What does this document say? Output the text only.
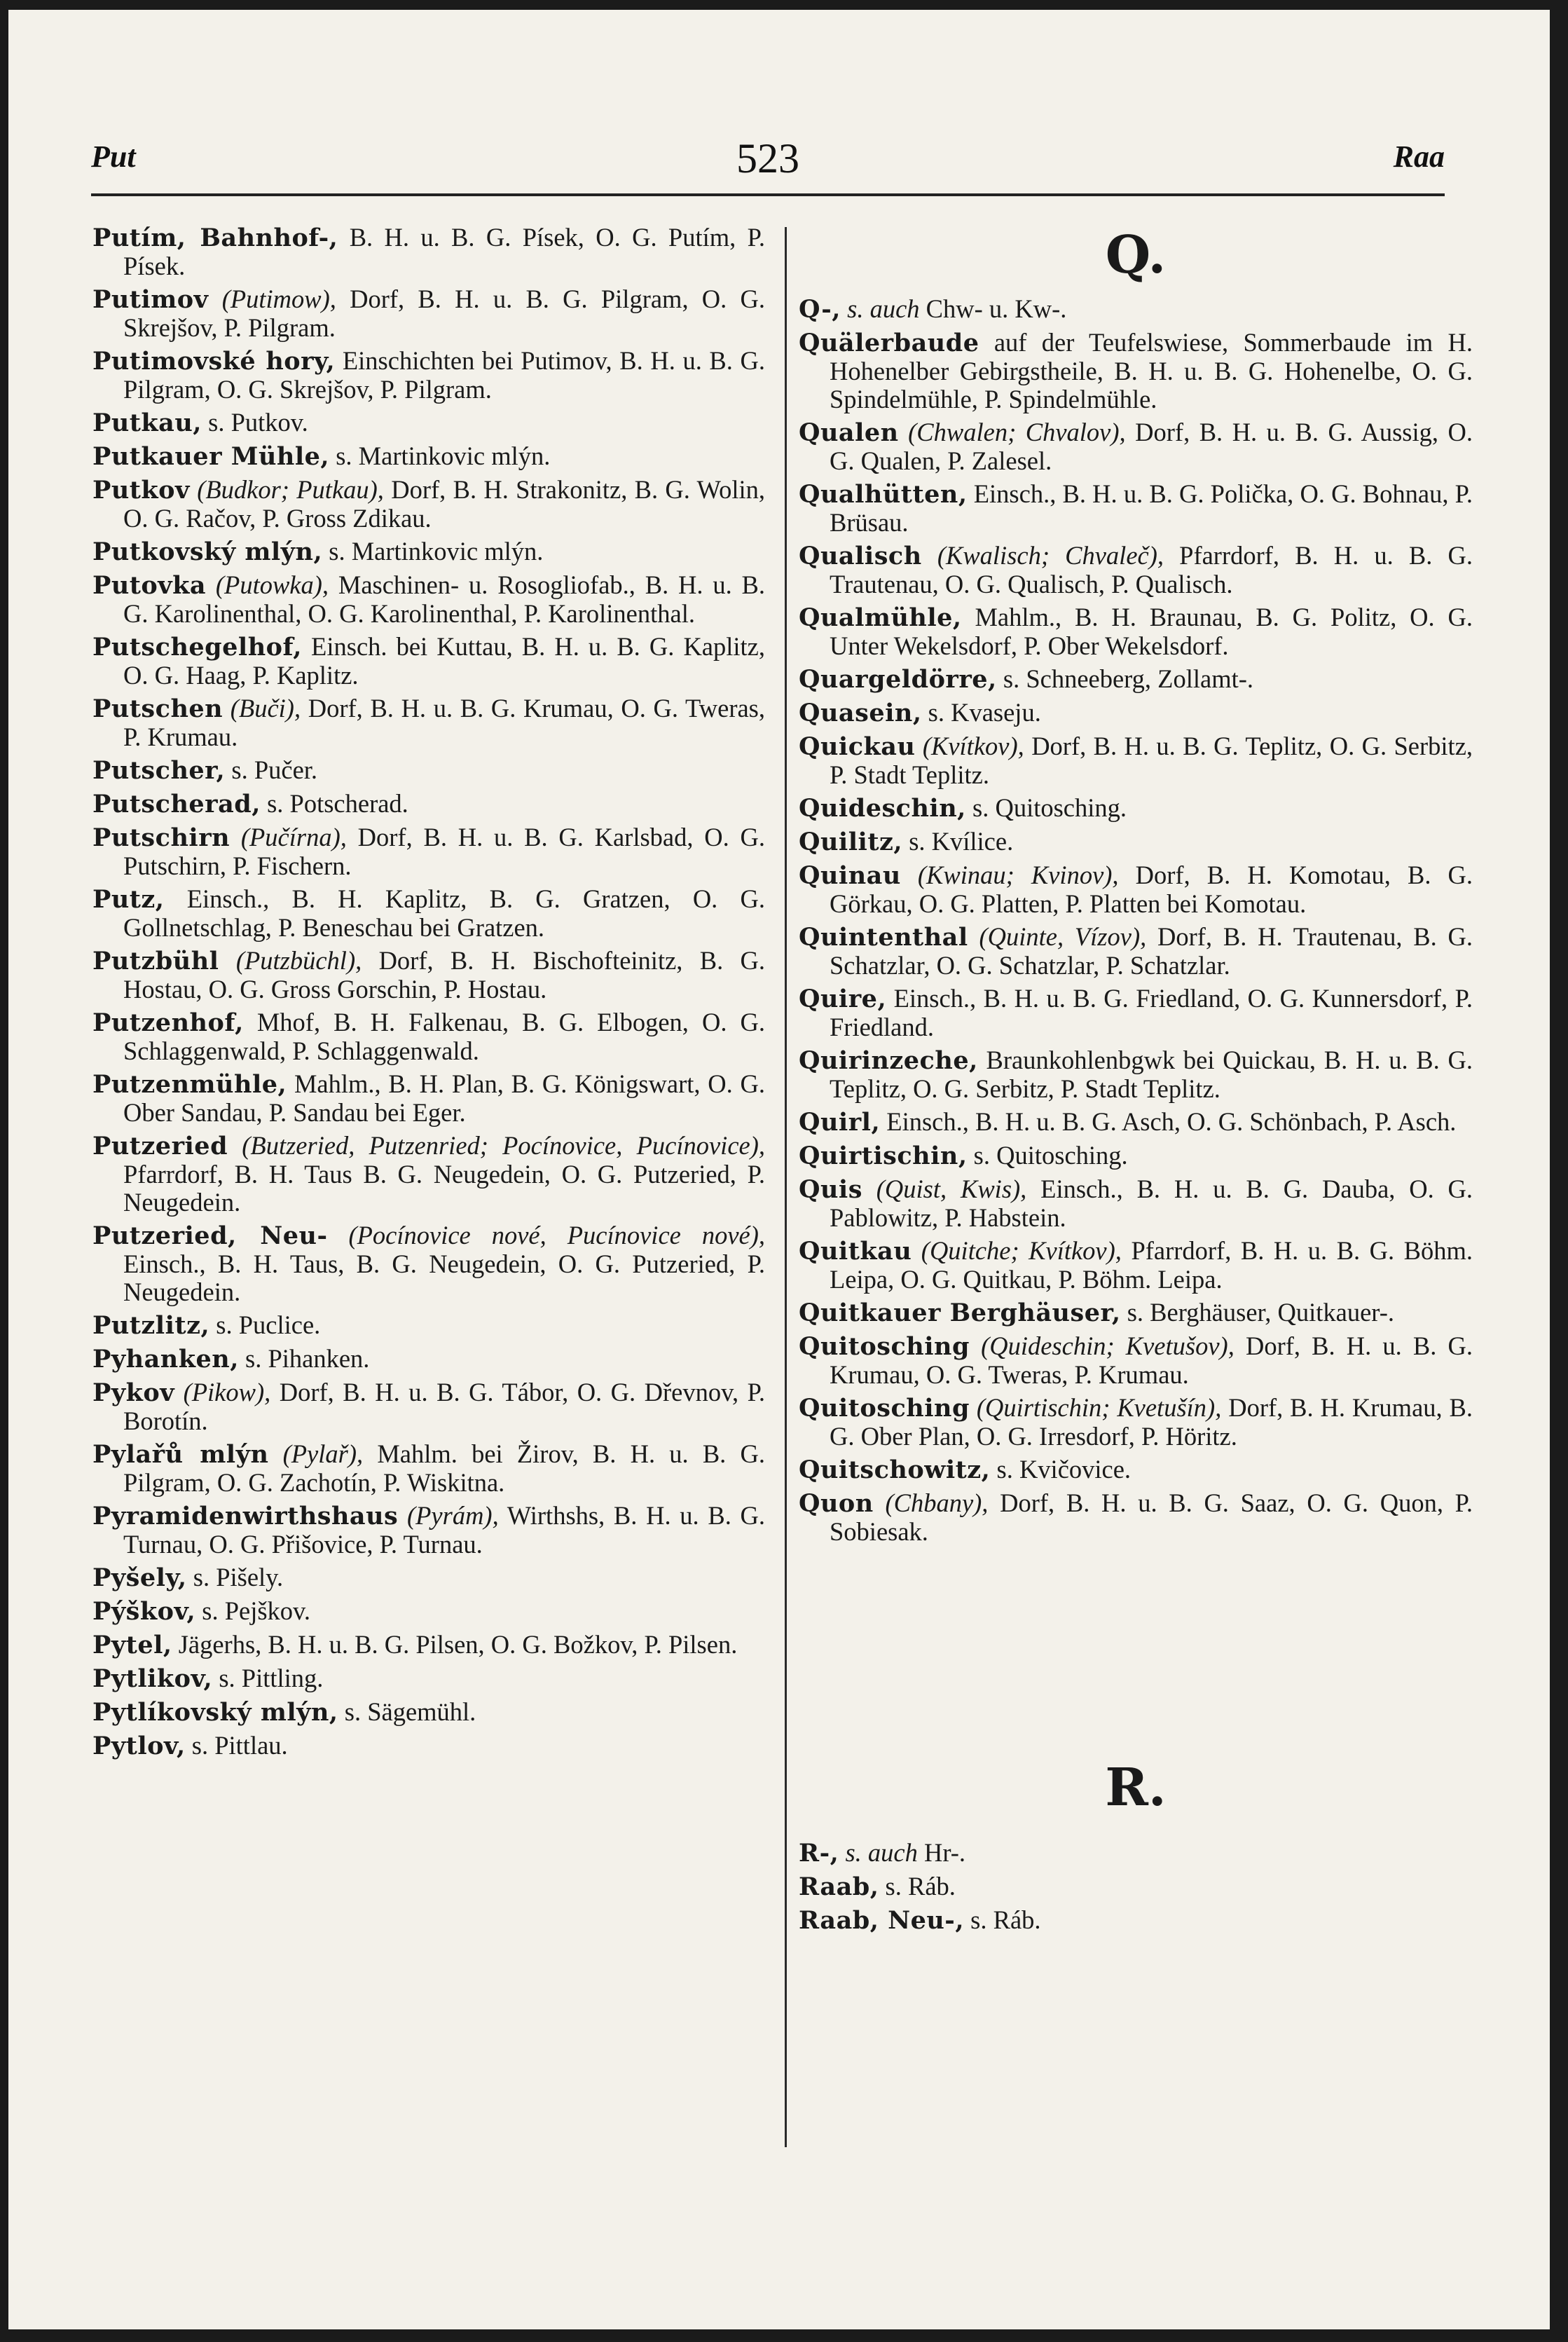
Put	523	Raa
Putím, Bahnhof-, B. H. u. B. G. Písek, O. G. Putím, P. Písek.
Putimov (Putimow), Dorf, B. H. u. B. G. Pilgram, O. G. Skrejšov, P. Pilgram.
Putimovské hory, Einschichten bei Putimov, B. H. u. B. G. Pilgram, O. G. Skrejšov, P. Pilgram.
Putkau, s. Putkov.
Putkauer Mühle, s. Martinkovic mlýn.
Putkov (Budkor; Putkau), Dorf, B. H. Strakonitz, B. G. Wolin, O. G. Račov, P. Gross Zdikau.
Putkovský mlýn, s. Martinkovic mlýn.
Putovka (Putowka), Maschinen- u. Rosogliofab., B. H. u. B. G. Karolinenthal, O. G. Karolinenthal, P. Karolinenthal.
Putschegelhof, Einsch. bei Kuttau, B. H. u. B. G. Kaplitz, O. G. Haag, P. Kaplitz.
Putschen (Buči), Dorf, B. H. u. B. G. Krumau, O. G. Tweras, P. Krumau.
Putscher, s. Pučer.
Putscherad, s. Potscherad.
Putschirn (Pučírna), Dorf, B. H. u. B. G. Karlsbad, O. G. Putschirn, P. Fischern.
Putz, Einsch., B. H. Kaplitz, B. G. Gratzen, O. G. Gollnetschlag, P. Beneschau bei Gratzen.
Putzbühl (Putzbüchl), Dorf, B. H. Bischofteinitz, B. G. Hostau, O. G. Gross Gorschin, P. Hostau.
Putzenhof, Mhof, B. H. Falkenau, B. G. Elbogen, O. G. Schlaggenwald, P. Schlaggenwald.
Putzenmühle, Mahlm., B. H. Plan, B. G. Königswart, O. G. Ober Sandau, P. Sandau bei Eger.
Putzeried (Butzeried, Putzenried; Pocínovice, Pucínovice), Pfarrdorf, B. H. Taus B. G. Neugedein, O. G. Putzeried, P. Neugedein.
Putzeried, Neu- (Pocínovice nové, Pucínovice nové), Einsch., B. H. Taus, B. G. Neugedein, O. G. Putzeried, P. Neugedein.
Putzlitz, s. Puclice.
Pyhanken, s. Pihanken.
Pykov (Pikow), Dorf, B. H. u. B. G. Tábor, O. G. Dřevnov, P. Borotín.
Pylařů mlýn (Pylař), Mahlm. bei Žirov, B. H. u. B. G. Pilgram, O. G. Zachotín, P. Wiskitna.
Pyramidenwirthshaus (Pyrám), Wirthshs, B. H. u. B. G. Turnau, O. G. Přišovice, P. Turnau.
Pyšely, s. Pišely.
Pýškov, s. Pejškov.
Pytel, Jägerhs, B. H. u. B. G. Pilsen, O. G. Božkov, P. Pilsen.
Pytlikov, s. Pittling.
Pytlíkovský mlýn, s. Sägemühl.
Pytlov, s. Pittlau.
Q.
Q-, s. auch Chw- u. Kw-.
Quälerbaude auf der Teufelswiese, Sommerbaude im H. Hohenelber Gebirgstheile, B. H. u. B. G. Hohenelbe, O. G. Spindelmühle, P. Spindelmühle.
Qualen (Chwalen; Chvalov), Dorf, B. H. u. B. G. Aussig, O. G. Qualen, P. Zalesel.
Qualhütten, Einsch., B. H. u. B. G. Polička, O. G. Bohnau, P. Brüsau.
Qualisch (Kwalisch; Chvaleč), Pfarrdorf, B. H. u. B. G. Trautenau, O. G. Qualisch, P. Qualisch.
Qualmühle, Mahlm., B. H. Braunau, B. G. Politz, O. G. Unter Wekelsdorf, P. Ober Wekelsdorf.
Quargeldörre, s. Schneeberg, Zollamt-.
Quasein, s. Kvaseju.
Quickau (Kvítkov), Dorf, B. H. u. B. G. Teplitz, O. G. Serbitz, P. Stadt Teplitz.
Quideschin, s. Quitosching.
Quilitz, s. Kvílice.
Quinau (Kwinau; Kvinov), Dorf, B. H. Komotau, B. G. Görkau, O. G. Platten, P. Platten bei Komotau.
Quintenthal (Quinte, Vízov), Dorf, B. H. Trautenau, B. G. Schatzlar, O. G. Schatzlar, P. Schatzlar.
Quire, Einsch., B. H. u. B. G. Friedland, O. G. Kunnersdorf, P. Friedland.
Quirinzeche, Braunkohlenbgwk bei Quickau, B. H. u. B. G. Teplitz, O. G. Serbitz, P. Stadt Teplitz.
Quirl, Einsch., B. H. u. B. G. Asch, O. G. Schönbach, P. Asch.
Quirtischin, s. Quitosching.
Quis (Quist, Kwis), Einsch., B. H. u. B. G. Dauba, O. G. Pablowitz, P. Habstein.
Quitkau (Quitche; Kvítkov), Pfarrdorf, B. H. u. B. G. Böhm. Leipa, O. G. Quitkau, P. Böhm. Leipa.
Quitkauer Berghäuser, s. Berghäuser, Quitkauer-.
Quitosching (Quideschin; Kvetušov), Dorf, B. H. u. B. G. Krumau, O. G. Tweras, P. Krumau.
Quitosching (Quirtischin; Kvetušín), Dorf, B. H. Krumau, B. G. Ober Plan, O. G. Irresdorf, P. Höritz.
Quitschowitz, s. Kvičovice.
Quon (Chbany), Dorf, B. H. u. B. G. Saaz, O. G. Quon, P. Sobiesak.
R.
R-, s. auch Hr-.
Raab, s. Ráb.
Raab, Neu-, s. Ráb.
